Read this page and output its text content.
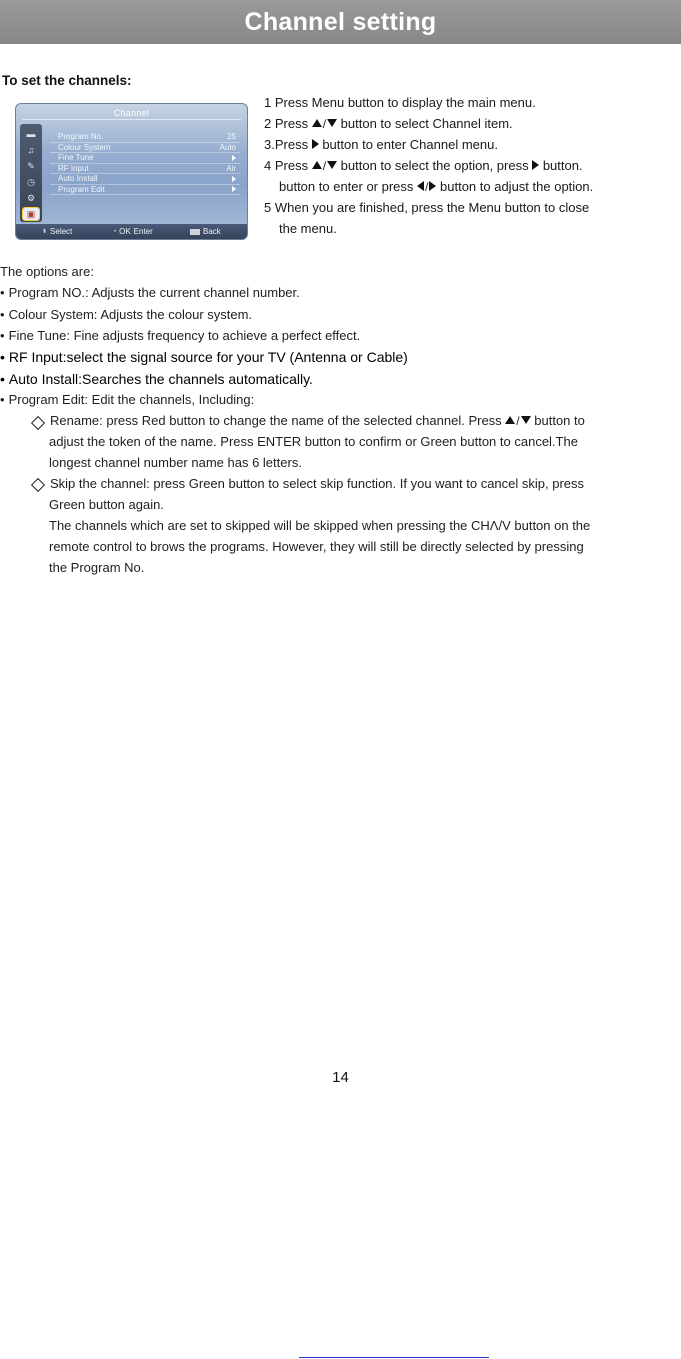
Channel setting
To set the channels:
Channel
▬
♫
✎
◷
⚙
▣
Program No.	25
Colour System	Auto
Fine Tune
RF Input	Air
Auto Install
Program Edit
⬍ Select	• OK Enter	Back
1 Press Menu button to display the main menu.
2 Press / button to select Channel item.
3.Press button to enter Channel menu.
4 Press / button to select the option, press button.
button to enter or press / button to adjust the option.
5 When you are finished, press the Menu button to close
the menu.
The options are:
• Program NO.: Adjusts the current channel number.
• Colour System: Adjusts the colour system.
• Fine Tune: Fine adjusts frequency to achieve a perfect effect.
• RF Input:select the signal source for your TV (Antenna or Cable)
• Auto Install:Searches the channels automatically.
• Program Edit: Edit the channels, Including:
Rename: press Red button to change the name of the selected channel. Press / button to
adjust the token of the name. Press ENTER button to confirm or Green button to cancel.The
longest channel number name has 6 letters.
Skip the channel: press Green button to select skip function. If you want to cancel skip, press
Green button again.
The channels which are set to skipped will be skipped when pressing the CHΛ/V button on the
remote control to brows the programs. However, they will still be directly selected by pressing
the Program No.
14
